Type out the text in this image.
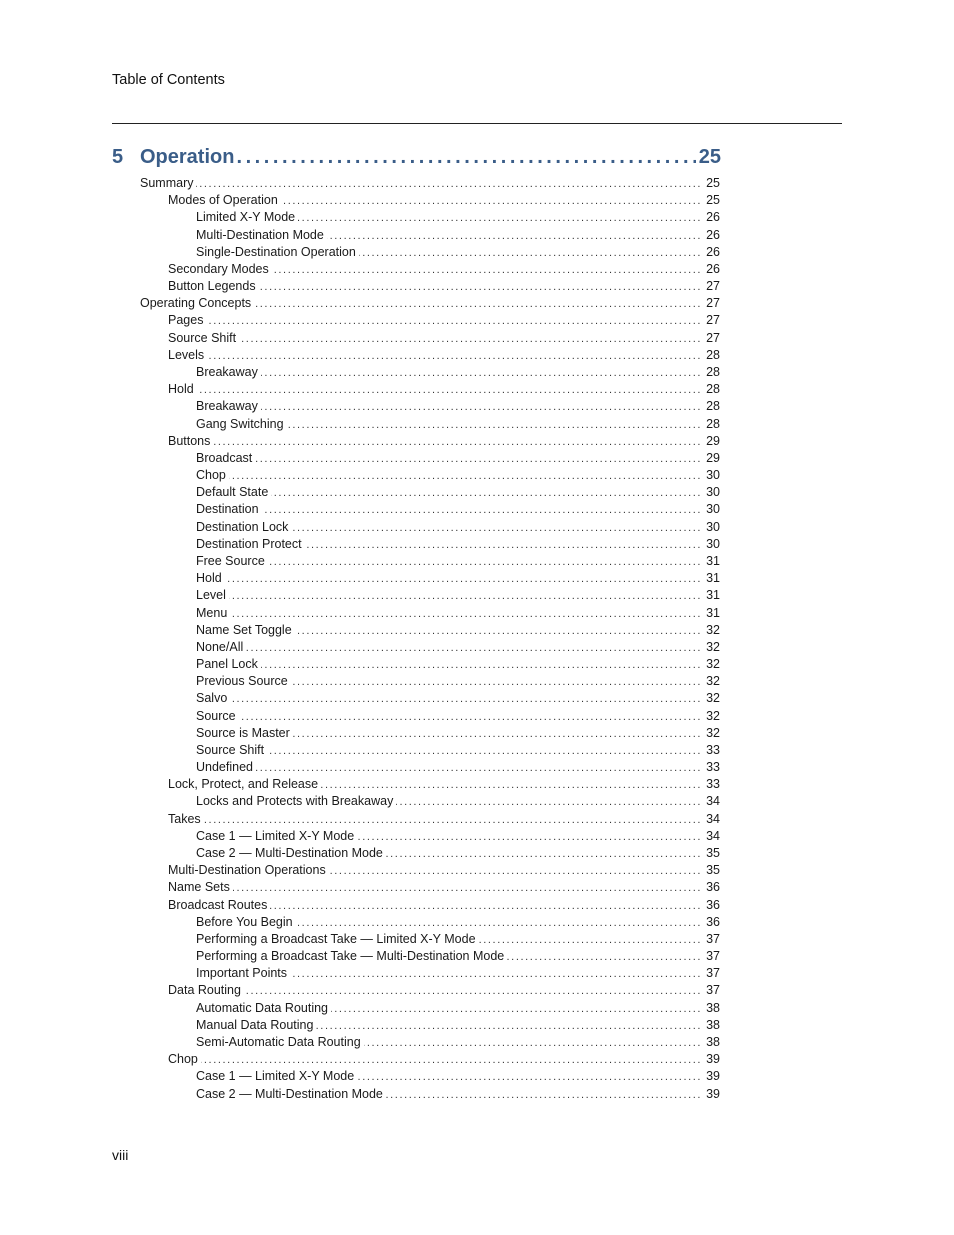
Table of Contents
5 Operation . . .	25
Summary .....	25
Modes of Operation .....	25
Limited X-Y Mode .....	26
Multi-Destination Mode .....	26
Single-Destination Operation .....	26
Secondary Modes .....	26
Button Legends .....	27
Operating Concepts .....	27
Pages .....	27
Source Shift .....	27
Levels .....	28
Breakaway .....	28
Hold .....	28
Breakaway .....	28
Gang Switching .....	28
Buttons .....	29
Broadcast .....	29
Chop .....	30
Default State .....	30
Destination .....	30
Destination Lock .....	30
Destination Protect .....	30
Free Source .....	31
Hold .....	31
Level .....	31
Menu .....	31
Name Set Toggle .....	32
None/All .....	32
Panel Lock .....	32
Previous Source .....	32
Salvo .....	32
Source .....	32
Source is Master .....	32
Source Shift .....	33
Undefined .....	33
Lock, Protect, and Release .....	33
Locks and Protects with Breakaway .....	34
Takes .....	34
Case 1 — Limited X-Y Mode .....	34
Case 2 — Multi-Destination Mode .....	35
Multi-Destination Operations .....	35
Name Sets .....	36
Broadcast Routes .....	36
Before You Begin .....	36
Performing a Broadcast Take — Limited X-Y Mode .....	37
Performing a Broadcast Take — Multi-Destination Mode .....	37
Important Points .....	37
Data Routing .....	37
Automatic Data Routing .....	38
Manual Data Routing .....	38
Semi-Automatic Data Routing .....	38
Chop .....	39
Case 1 — Limited X-Y Mode .....	39
Case 2 — Multi-Destination Mode .....	39
viii
